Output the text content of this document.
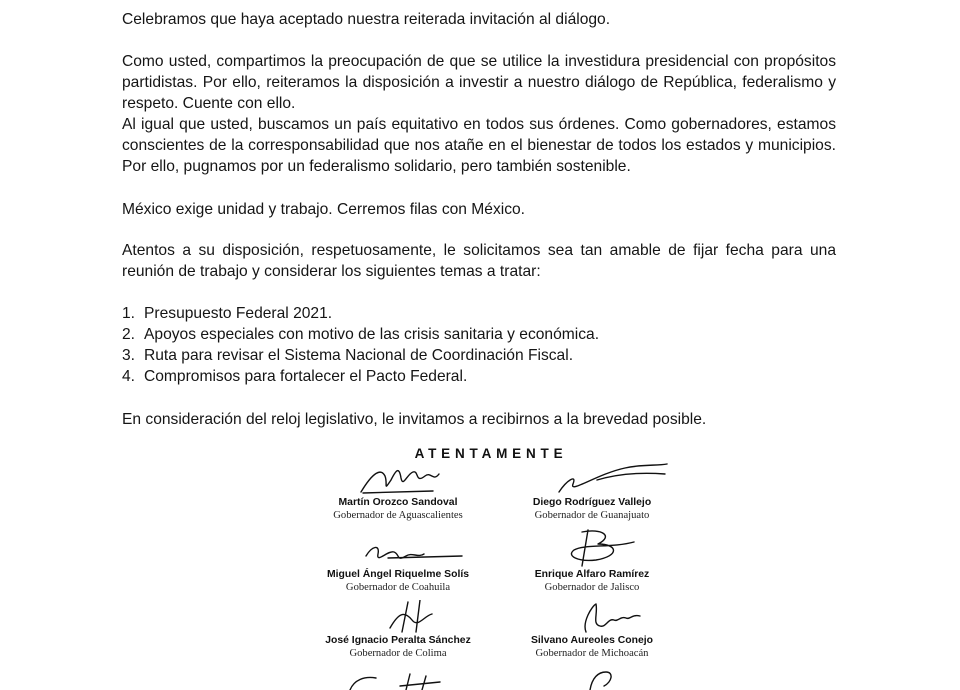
Celebramos que haya aceptado nuestra reiterada invitación al diálogo.

Como usted, compartimos la preocupación de que se utilice la investidura presidencial con propósitos partidistas. Por ello, reiteramos la disposición a investir a nuestro diálogo de República, federalismo y respeto. Cuente con ello.
Al igual que usted, buscamos un país equitativo en todos sus órdenes. Como gobernadores, estamos conscientes de la corresponsabilidad que nos atañe en el bienestar de todos los estados y municipios. Por ello, pugnamos por un federalismo solidario, pero también sostenible.

México exige unidad y trabajo. Cerremos filas con México.

Atentos a su disposición, respetuosamente, le solicitamos sea tan amable de fijar fecha para una reunión de trabajo y considerar los siguientes temas a tratar:

1. Presupuesto Federal 2021.
2. Apoyos especiales con motivo de las crisis sanitaria y económica.
3. Ruta para revisar el Sistema Nacional de Coordinación Fiscal.
4. Compromisos para fortalecer el Pacto Federal.

En consideración del reloj legislativo, le invitamos a recibirnos a la brevedad posible.

ATENTAMENTE
Martín Orozco Sandoval
Gobernador de Aguascalientes
Diego Rodríguez Vallejo
Gobernador de Guanajuato
Miguel Ángel Riquelme Solís
Gobernador de Coahuila
Enrique Alfaro Ramírez
Gobernador de Jalisco
José Ignacio Peralta Sánchez
Gobernador de Colima
Silvano Aureoles Conejo
Gobernador de Michoacán
